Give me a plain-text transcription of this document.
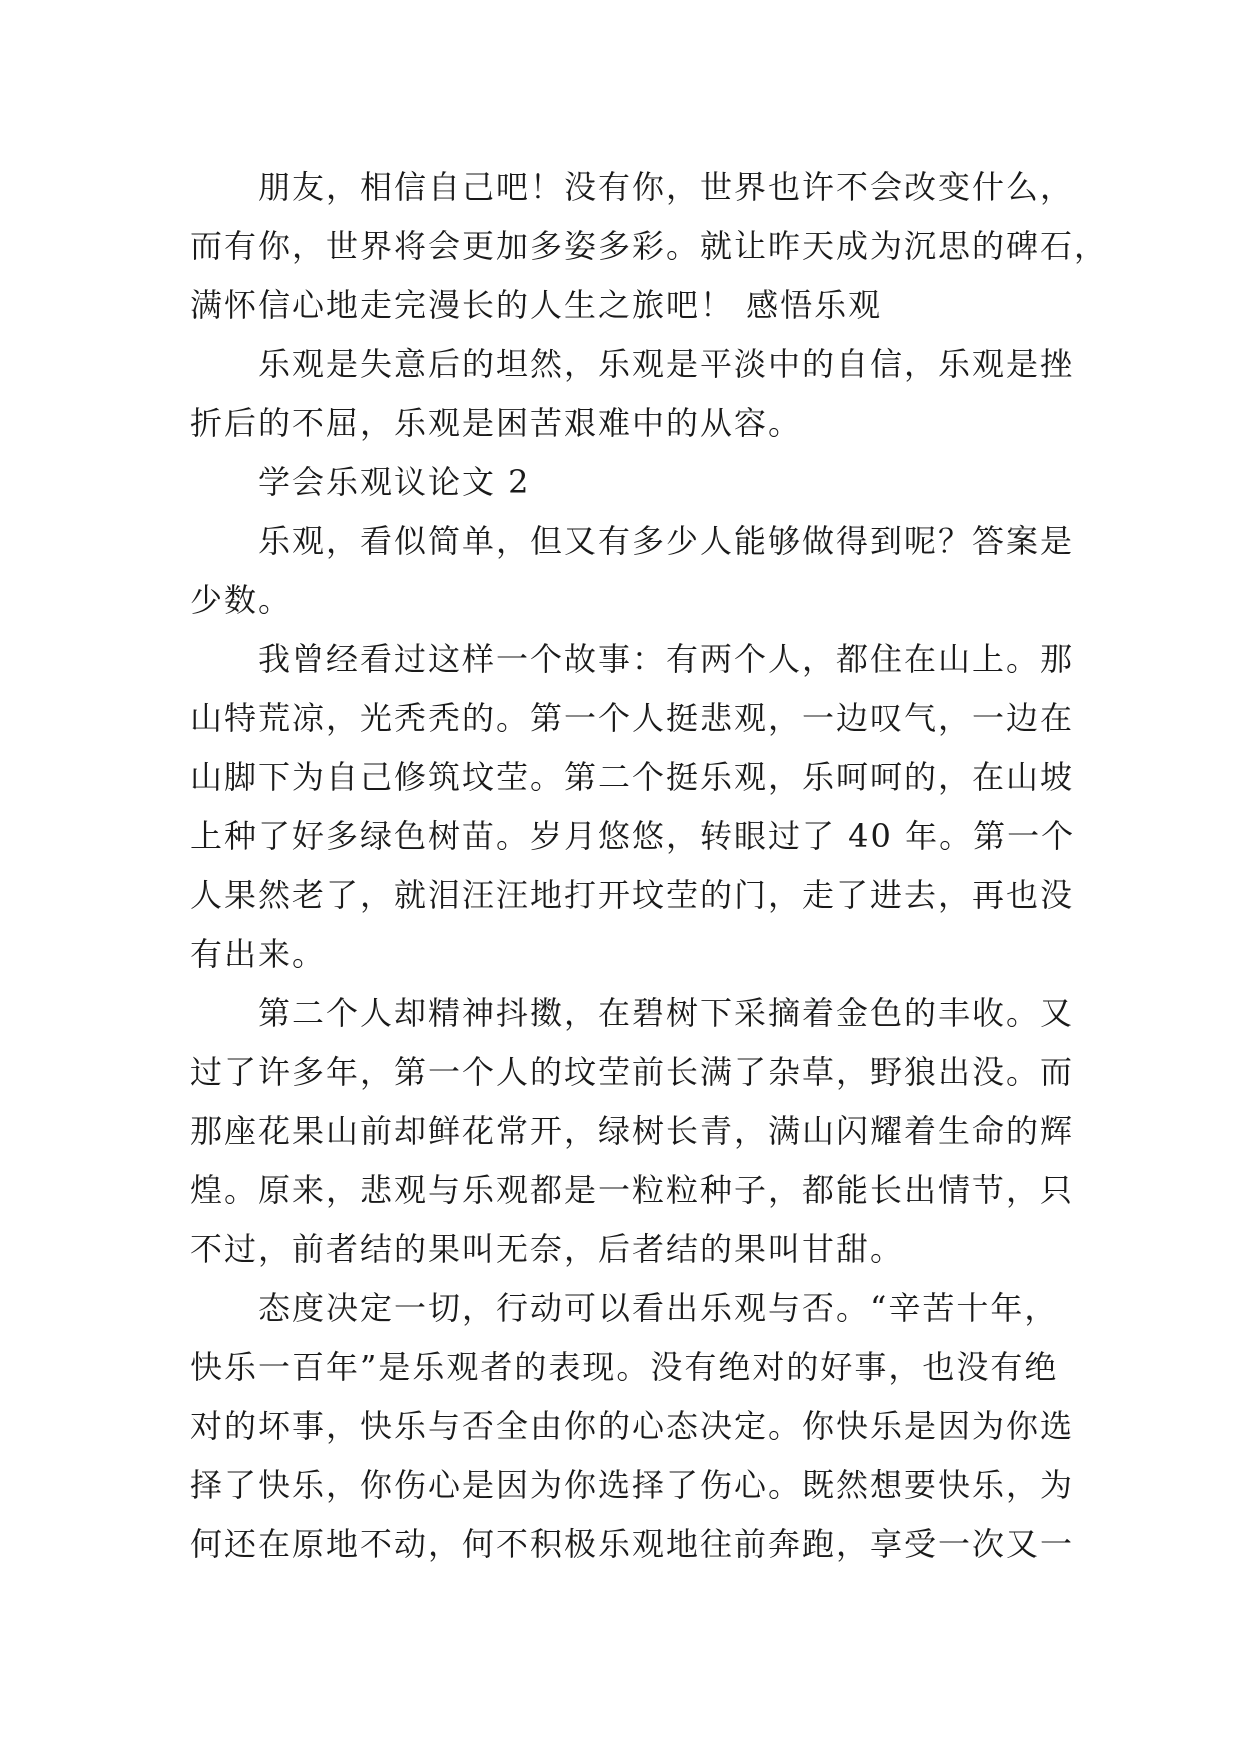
朋友，相信自己吧！没有你，世界也许不会改变什么，
而有你，世界将会更加多姿多彩。就让昨天成为沉思的碑石，
满怀信心地走完漫长的人生之旅吧！ 感悟乐观
乐观是失意后的坦然，乐观是平淡中的自信，乐观是挫
折后的不屈，乐观是困苦艰难中的从容。
学会乐观议论文 2
乐观，看似简单，但又有多少人能够做得到呢？答案是
少数。
我曾经看过这样一个故事：有两个人，都住在山上。那
山特荒凉，光秃秃的。第一个人挺悲观，一边叹气，一边在
山脚下为自己修筑坟茔。第二个挺乐观，乐呵呵的，在山坡
上种了好多绿色树苗。岁月悠悠，转眼过了 40 年。第一个
人果然老了，就泪汪汪地打开坟茔的门，走了进去，再也没
有出来。
第二个人却精神抖擞，在碧树下采摘着金色的丰收。又
过了许多年，第一个人的坟茔前长满了杂草，野狼出没。而
那座花果山前却鲜花常开，绿树长青，满山闪耀着生命的辉
煌。原来，悲观与乐观都是一粒粒种子，都能长出情节，只
不过，前者结的果叫无奈，后者结的果叫甘甜。
态度决定一切，行动可以看出乐观与否。“辛苦十年，
快乐一百年”是乐观者的表现。没有绝对的好事，也没有绝
对的坏事，快乐与否全由你的心态决定。你快乐是因为你选
择了快乐，你伤心是因为你选择了伤心。既然想要快乐，为
何还在原地不动，何不积极乐观地往前奔跑，享受一次又一
